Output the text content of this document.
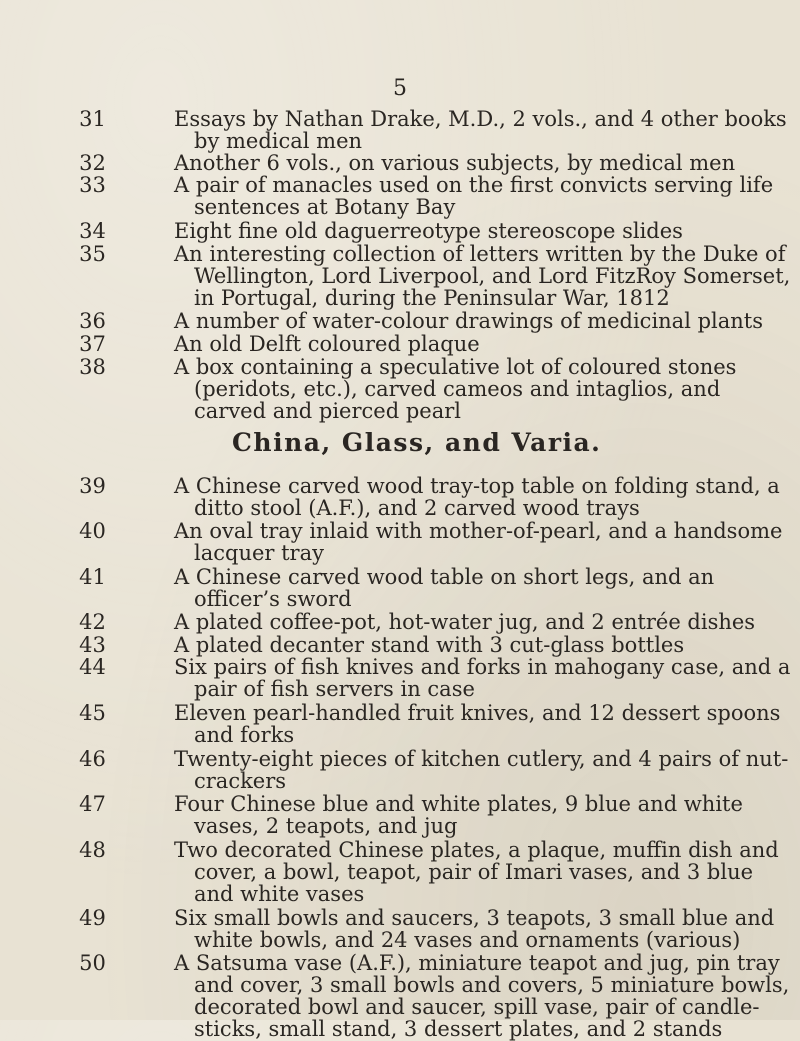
5
31	Essays by Nathan Drake, M.D., 2 vols., and 4 other books by medical men
32	Another 6 vols., on various subjects, by medical men
33	A pair of manacles used on the first convicts serving life sentences at Botany Bay
34	Eight fine old daguerreotype stereoscope slides
35	An interesting collection of letters written by the Duke of Wellington, Lord Liverpool, and Lord FitzRoy Somerset, in Portugal, during the Peninsular War, 1812
36	A number of water-colour drawings of medicinal plants
37	An old Delft coloured plaque
38	A box containing a speculative lot of coloured stones (peridots, etc.), carved cameos and intaglios, and carved and pierced pearl
China, Glass, and Varia.
39	A Chinese carved wood tray-top table on folding stand, a ditto stool (A.F.), and 2 carved wood trays
40	An oval tray inlaid with mother-of-pearl, and a handsome lacquer tray
41	A Chinese carved wood table on short legs, and an officer’s sword
42	A plated coffee-pot, hot-water jug, and 2 entrée dishes
43	A plated decanter stand with 3 cut-glass bottles
44	Six pairs of fish knives and forks in mahogany case, and a pair of fish servers in case
45	Eleven pearl-handled fruit knives, and 12 dessert spoons and forks
46	Twenty-eight pieces of kitchen cutlery, and 4 pairs of nut-crackers
47	Four Chinese blue and white plates, 9 blue and white vases, 2 teapots, and jug
48	Two decorated Chinese plates, a plaque, muffin dish and cover, a bowl, teapot, pair of Imari vases, and 3 blue and white vases
49	Six small bowls and saucers, 3 teapots, 3 small blue and white bowls, and 24 vases and ornaments (various)
50	A Satsuma vase (A.F.), miniature teapot and jug, pin tray and cover, 3 small bowls and covers, 5 miniature bowls, decorated bowl and saucer, spill vase, pair of candle-sticks, small stand, 3 dessert plates, and 2 stands
